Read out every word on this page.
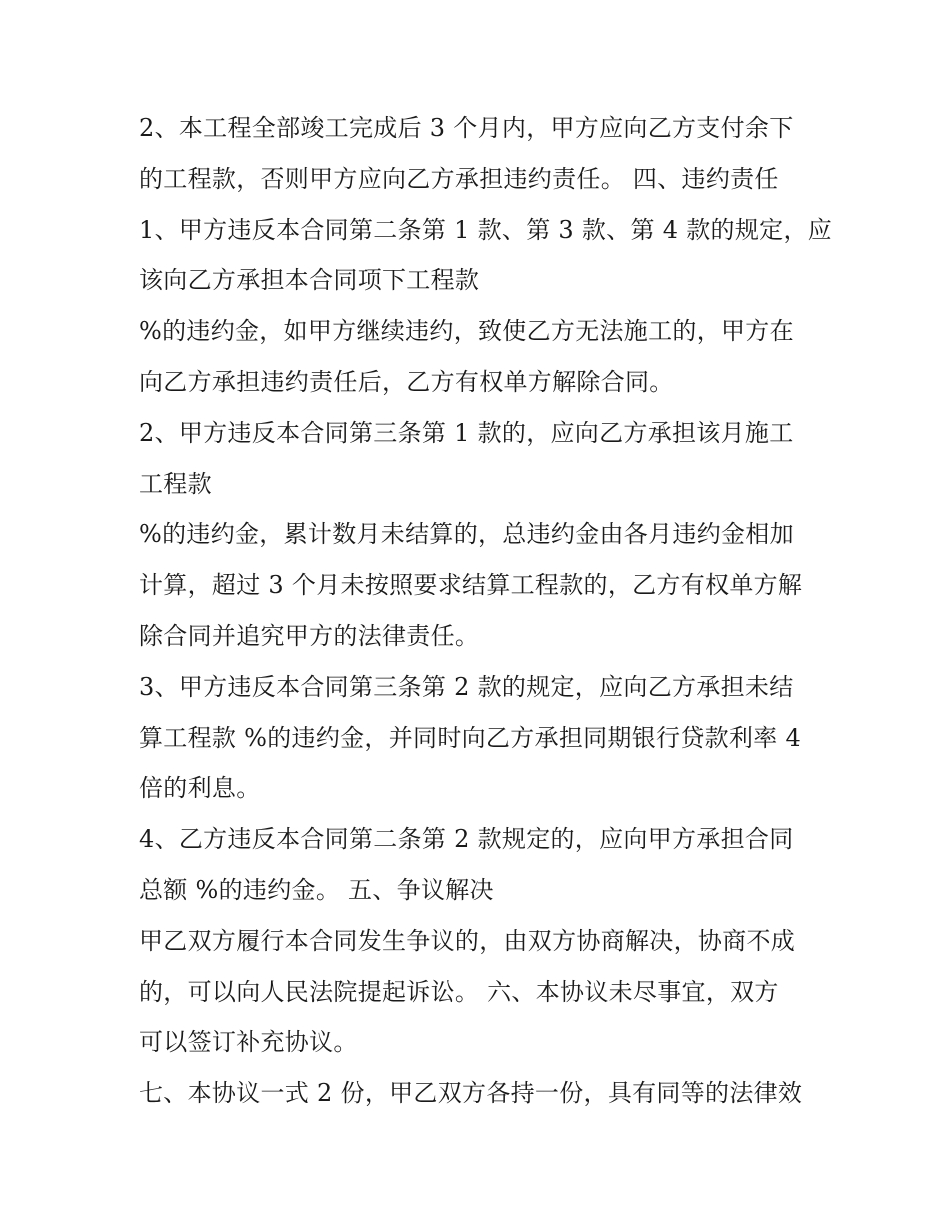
2、本工程全部竣工完成后 3 个月内，甲方应向乙方支付余下
的工程款，否则甲方应向乙方承担违约责任。 四、违约责任
1、甲方违反本合同第二条第 1 款、第 3 款、第 4 款的规定，应
该向乙方承担本合同项下工程款
%的违约金，如甲方继续违约，致使乙方无法施工的，甲方在
向乙方承担违约责任后，乙方有权单方解除合同。
2、甲方违反本合同第三条第 1 款的，应向乙方承担该月施工
工程款
%的违约金，累计数月未结算的，总违约金由各月违约金相加
计算，超过 3 个月未按照要求结算工程款的，乙方有权单方解
除合同并追究甲方的法律责任。
3、甲方违反本合同第三条第 2 款的规定，应向乙方承担未结
算工程款 %的违约金，并同时向乙方承担同期银行贷款利率 4
倍的利息。
4、乙方违反本合同第二条第 2 款规定的，应向甲方承担合同
总额 %的违约金。 五、争议解决
甲乙双方履行本合同发生争议的，由双方协商解决，协商不成
的，可以向人民法院提起诉讼。 六、本协议未尽事宜，双方
可以签订补充协议。
七、本协议一式 2 份，甲乙双方各持一份，具有同等的法律效
